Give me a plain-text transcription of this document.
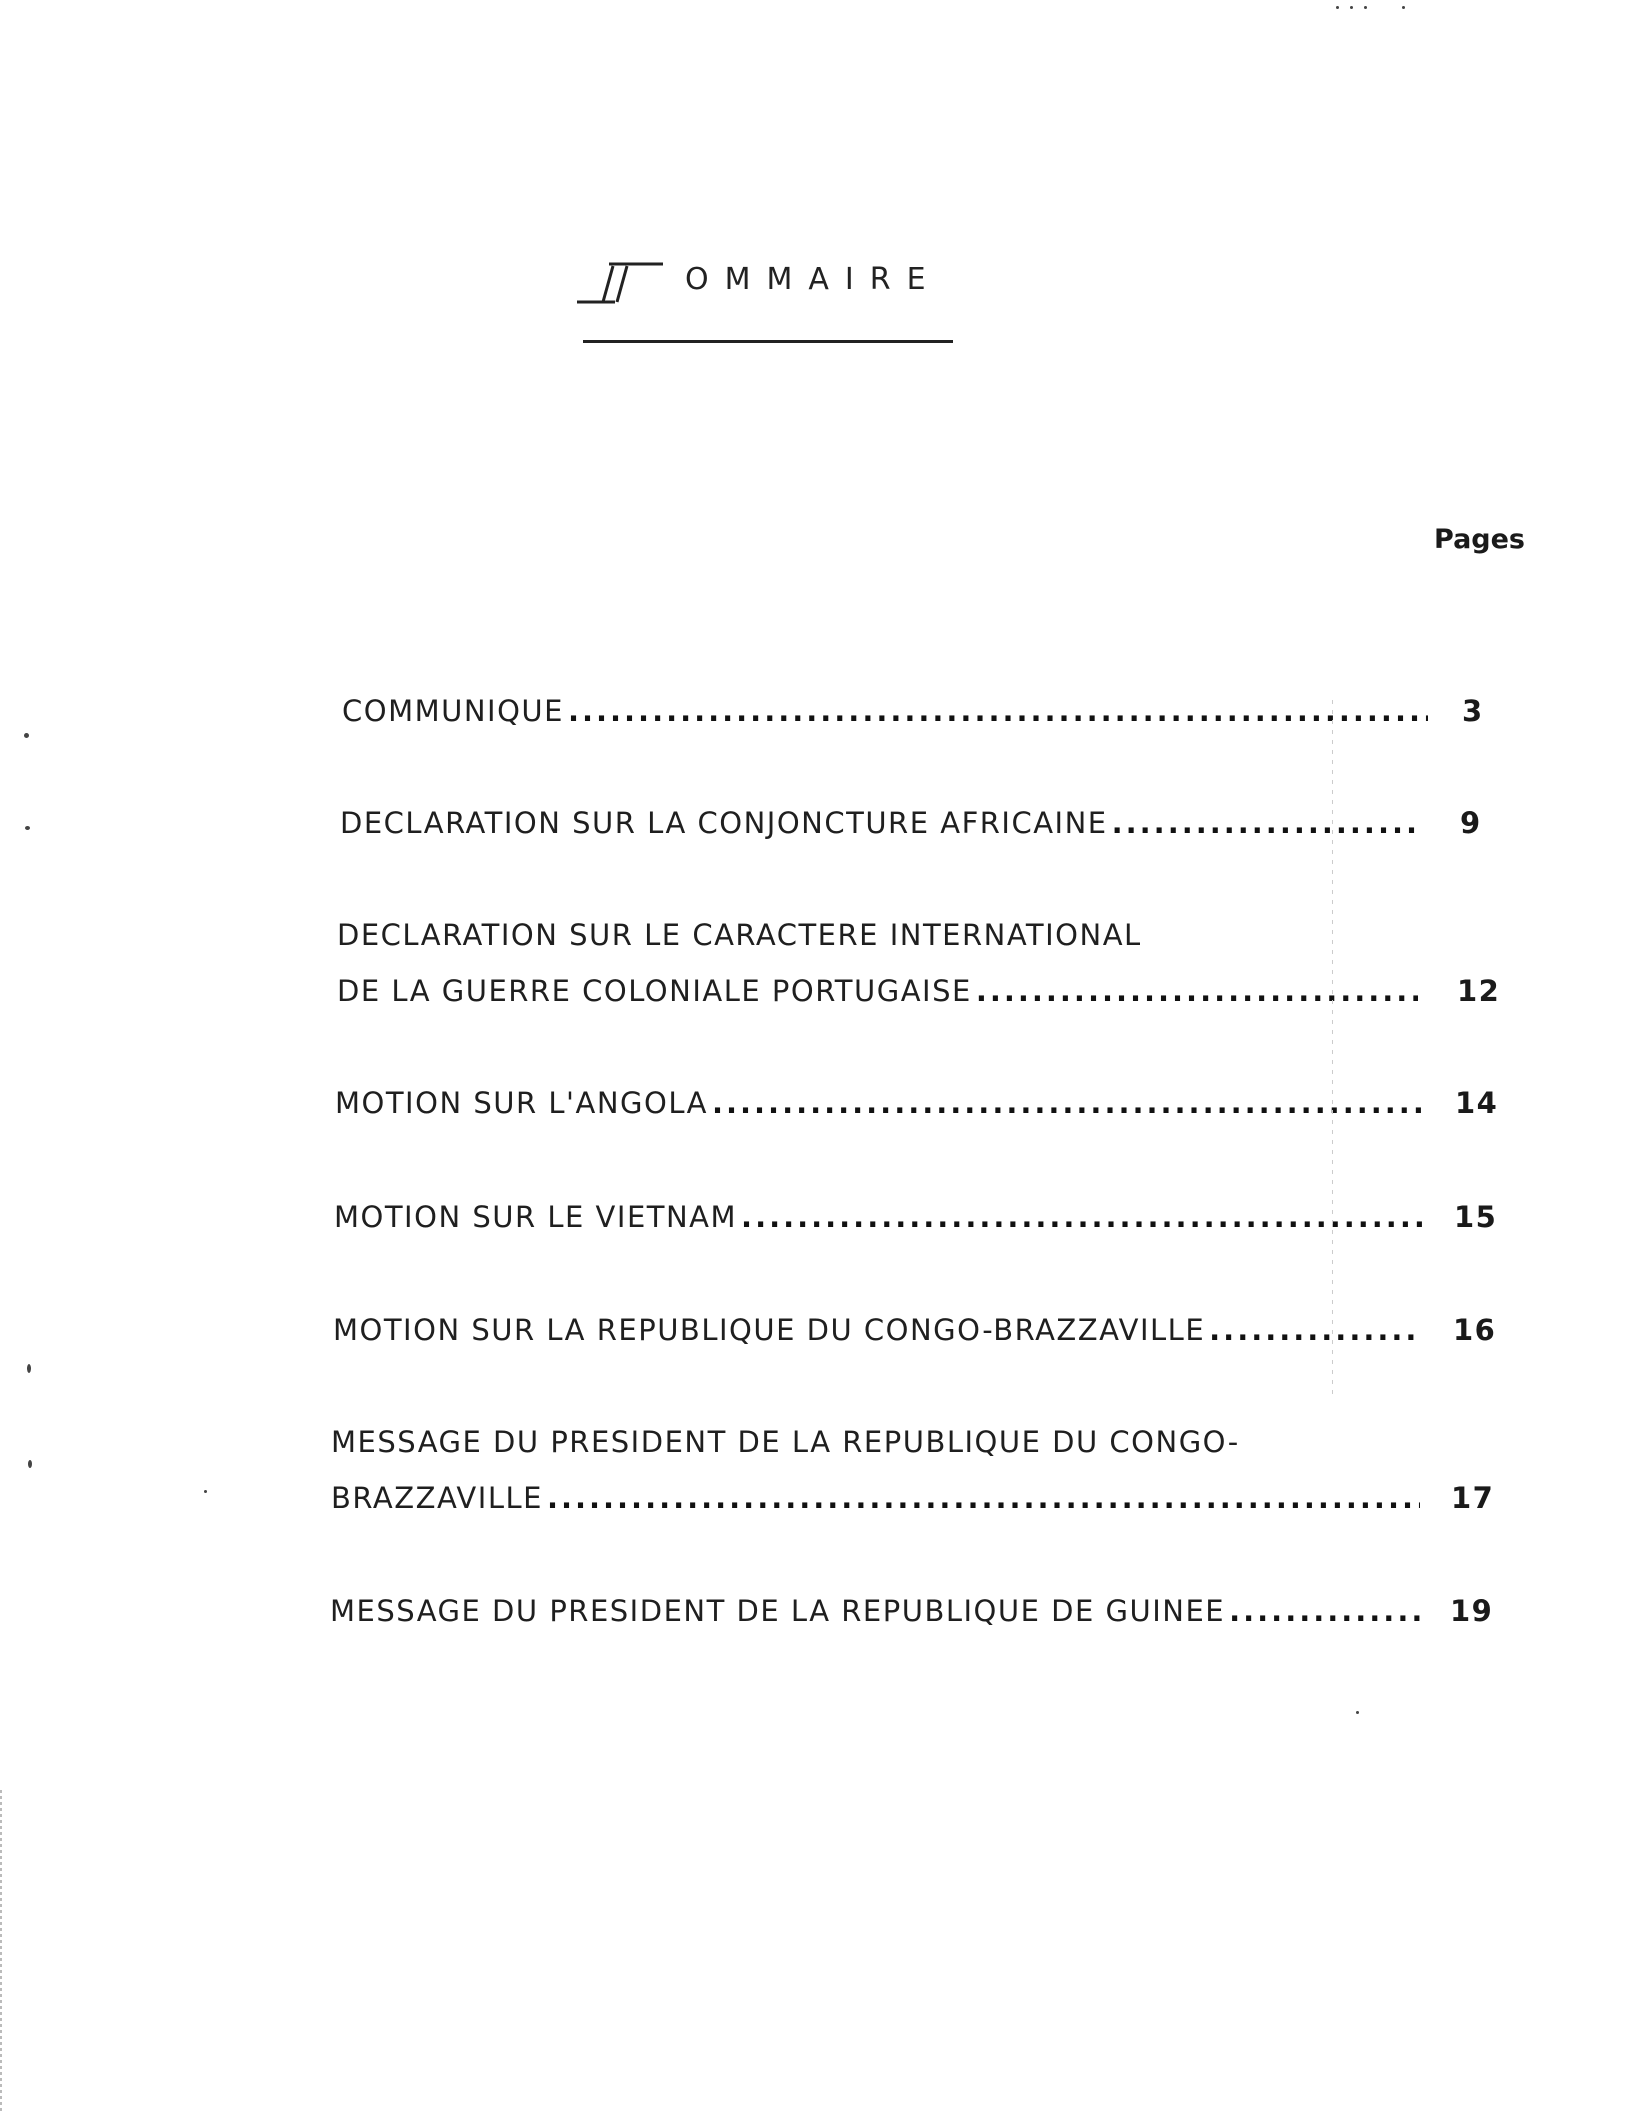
OMMAIRE
Pages
COMMUNIQUE .....	3
DECLARATION SUR LA CONJONCTURE AFRICAINE .....	9
DECLARATION SUR LE CARACTERE INTERNATIONAL
DE LA GUERRE COLONIALE PORTUGAISE .....	12
MOTION SUR L'ANGOLA .....	14
MOTION SUR LE VIETNAM .....	15
MOTION SUR LA REPUBLIQUE DU CONGO-BRAZZAVILLE .....	16
MESSAGE DU PRESIDENT DE LA REPUBLIQUE DU CONGO-
BRAZZAVILLE .....	17
MESSAGE DU PRESIDENT DE LA REPUBLIQUE DE GUINEE .....	19
